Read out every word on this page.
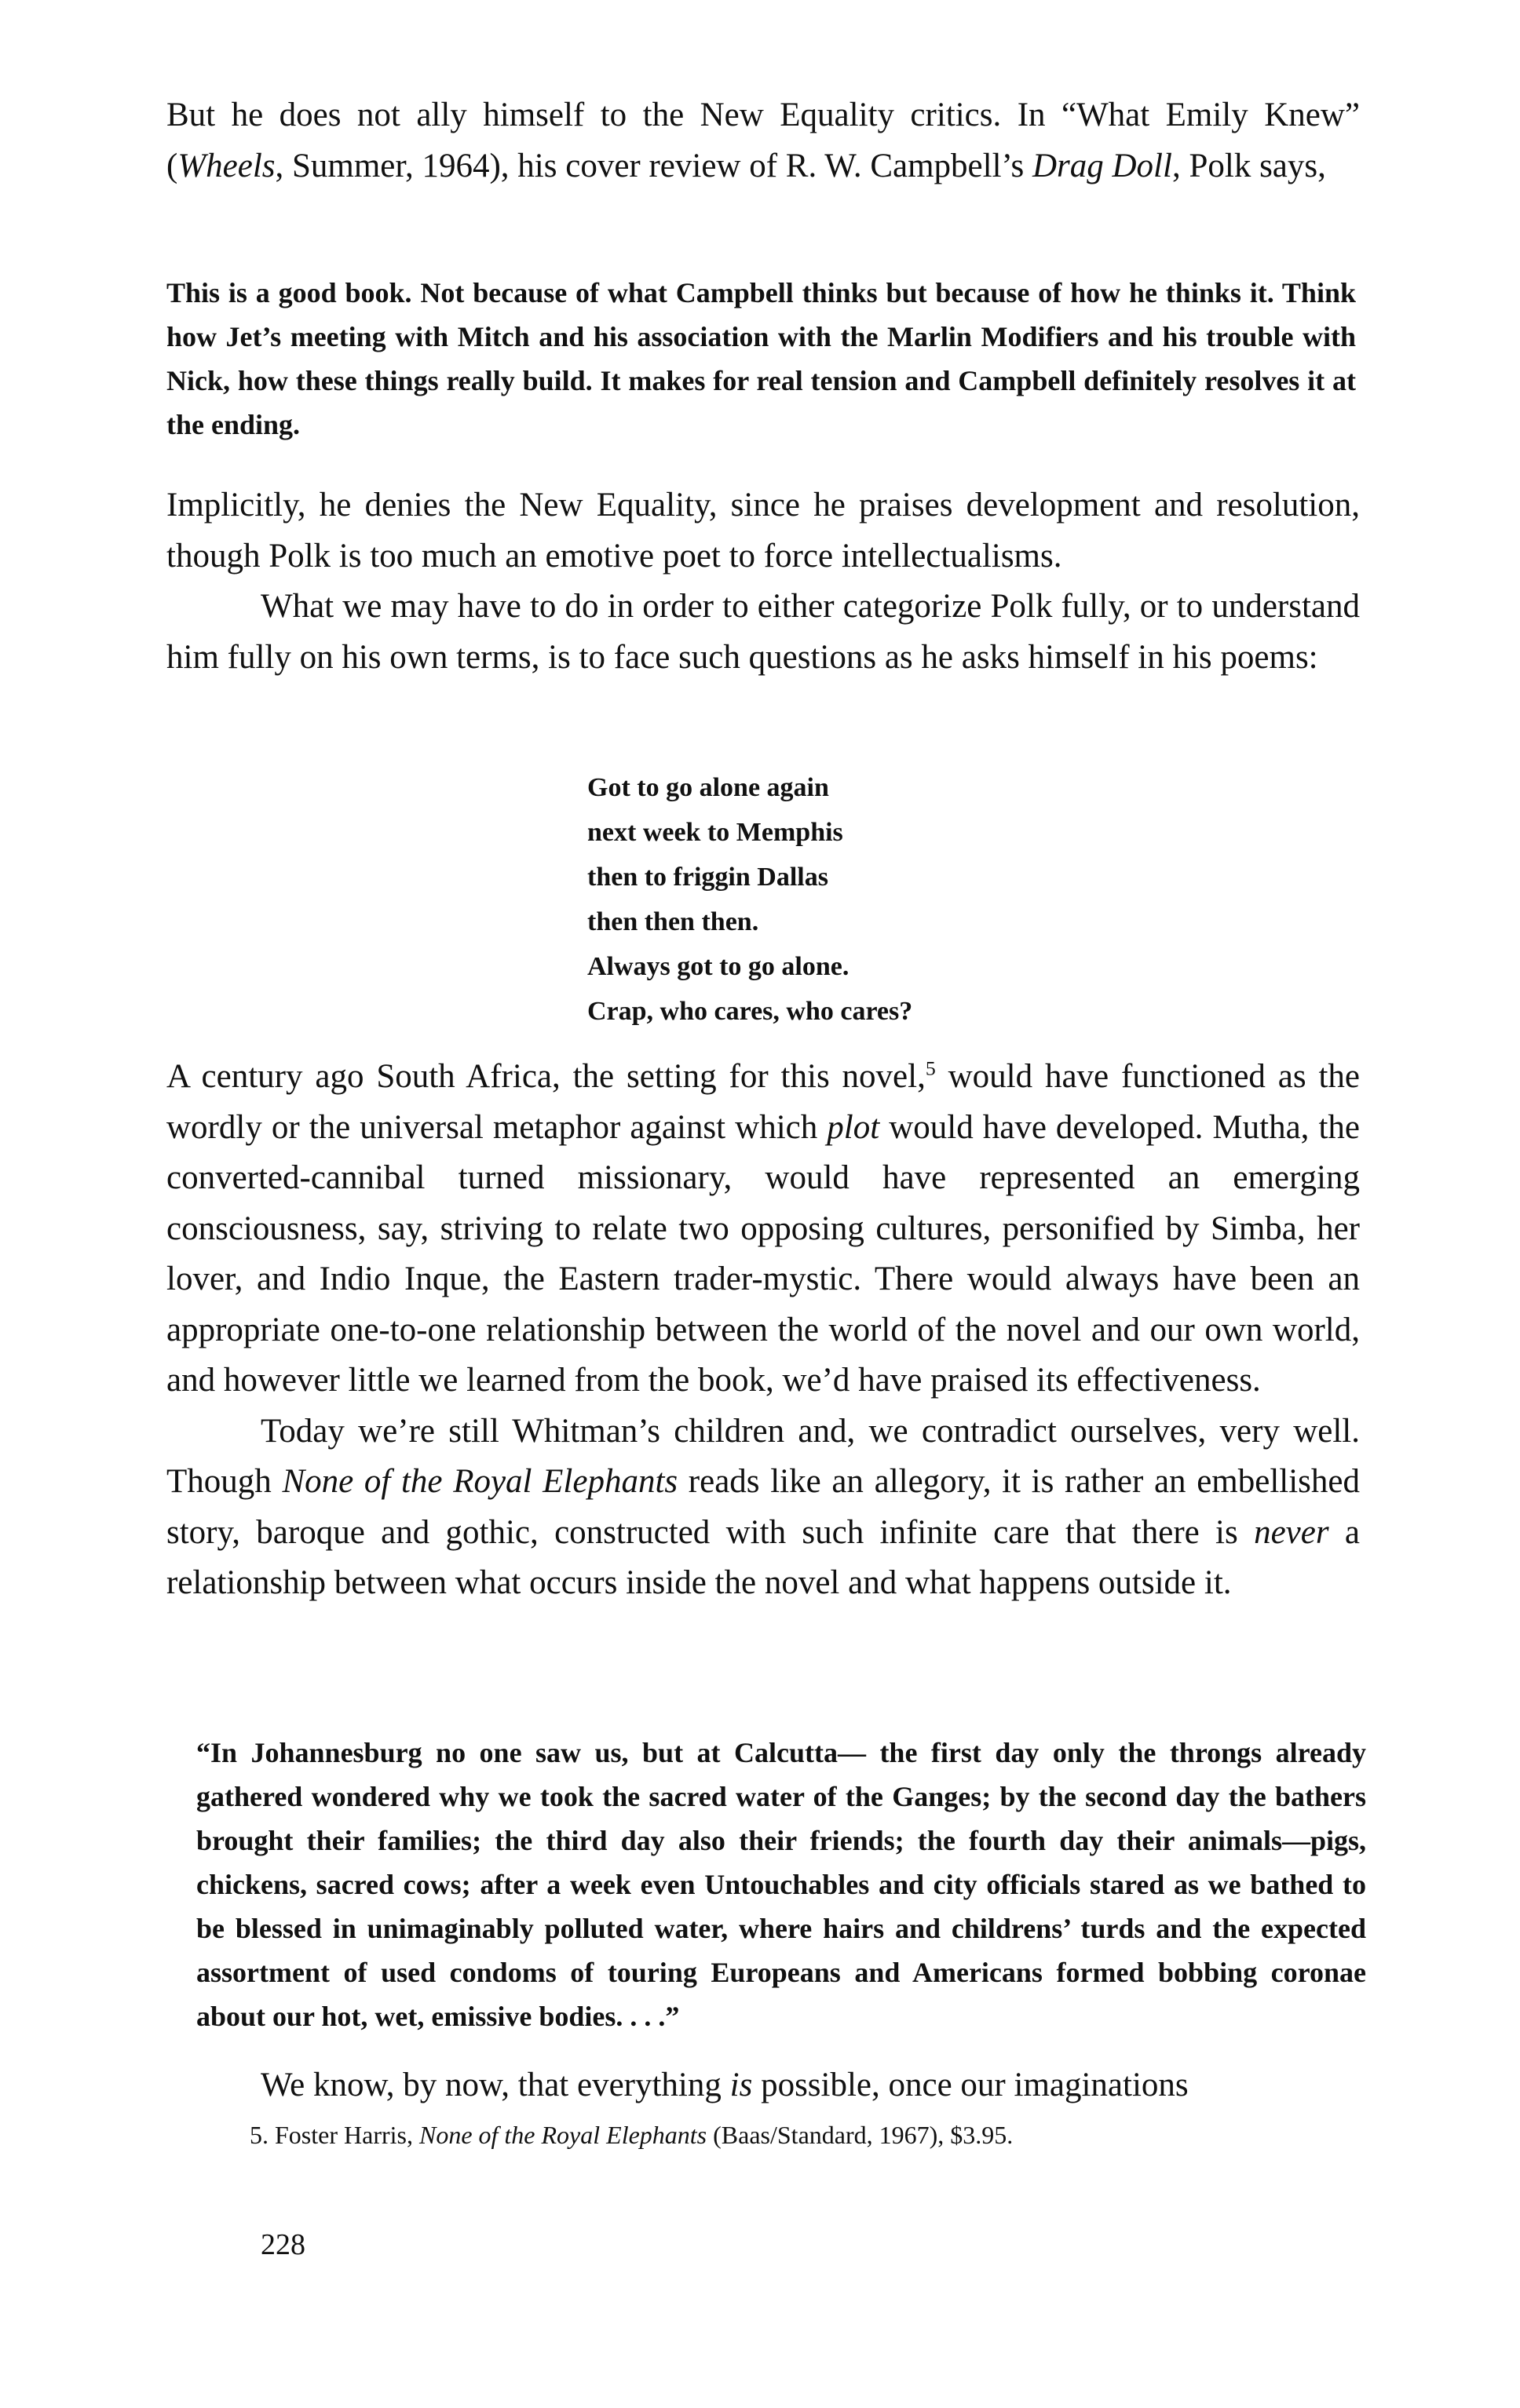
But he does not ally himself to the New Equality critics. In “What Emily Knew” (Wheels, Summer, 1964), his cover review of R. W. Campbell’s Drag Doll, Polk says,

This is a good book. Not because of what Campbell thinks but because of how he thinks it. Think how Jet’s meeting with Mitch and his association with the Marlin Modifiers and his trouble with Nick, how these things really build. It makes for real tension and Campbell definitely resolves it at the ending.

Implicitly, he denies the New Equality, since he praises development and resolution, though Polk is too much an emotive poet to force intellectualisms.

What we may have to do in order to either categorize Polk fully, or to understand him fully on his own terms, is to face such questions as he asks himself in his poems:

Got to go alone again
next week to Memphis
then to friggin Dallas
then then then.
Always got to go alone.
Crap, who cares, who cares?

A century ago South Africa, the setting for this novel,$^5$ would have functioned as the wordly or the universal metaphor against which plot would have developed. Mutha, the converted-cannibal turned missionary, would have represented an emerging consciousness, say, striving to relate two opposing cultures, personified by Simba, her lover, and Indio Inque, the Eastern trader-mystic. There would always have been an appropriate one-to-one relationship between the world of the novel and our own world, and however little we learned from the book, we’d have praised its effectiveness.

Today we’re still Whitman’s children and, we contradict ourselves, very well. Though None of the Royal Elephants reads like an allegory, it is rather an embellished story, baroque and gothic, constructed with such infinite care that there is never a relationship between what occurs inside the novel and what happens outside it.

“In Johannesburg no one saw us, but at Calcutta— the first day only the throngs already gathered wondered why we took the sacred water of the Ganges; by the second day the bathers brought their families; the third day also their friends; the fourth day their animals—pigs, chickens, sacred cows; after a week even Untouchables and city officials stared as we bathed to be blessed in unimaginably polluted water, where hairs and childrens’ turds and the expected assortment of used condoms of touring Europeans and Americans formed bobbing coronae about our hot, wet, emissive bodies. . . .”

We know, by now, that everything is possible, once our imaginations

5. Foster Harris, None of the Royal Elephants (Baas/Standard, 1967), $3.95.
228
